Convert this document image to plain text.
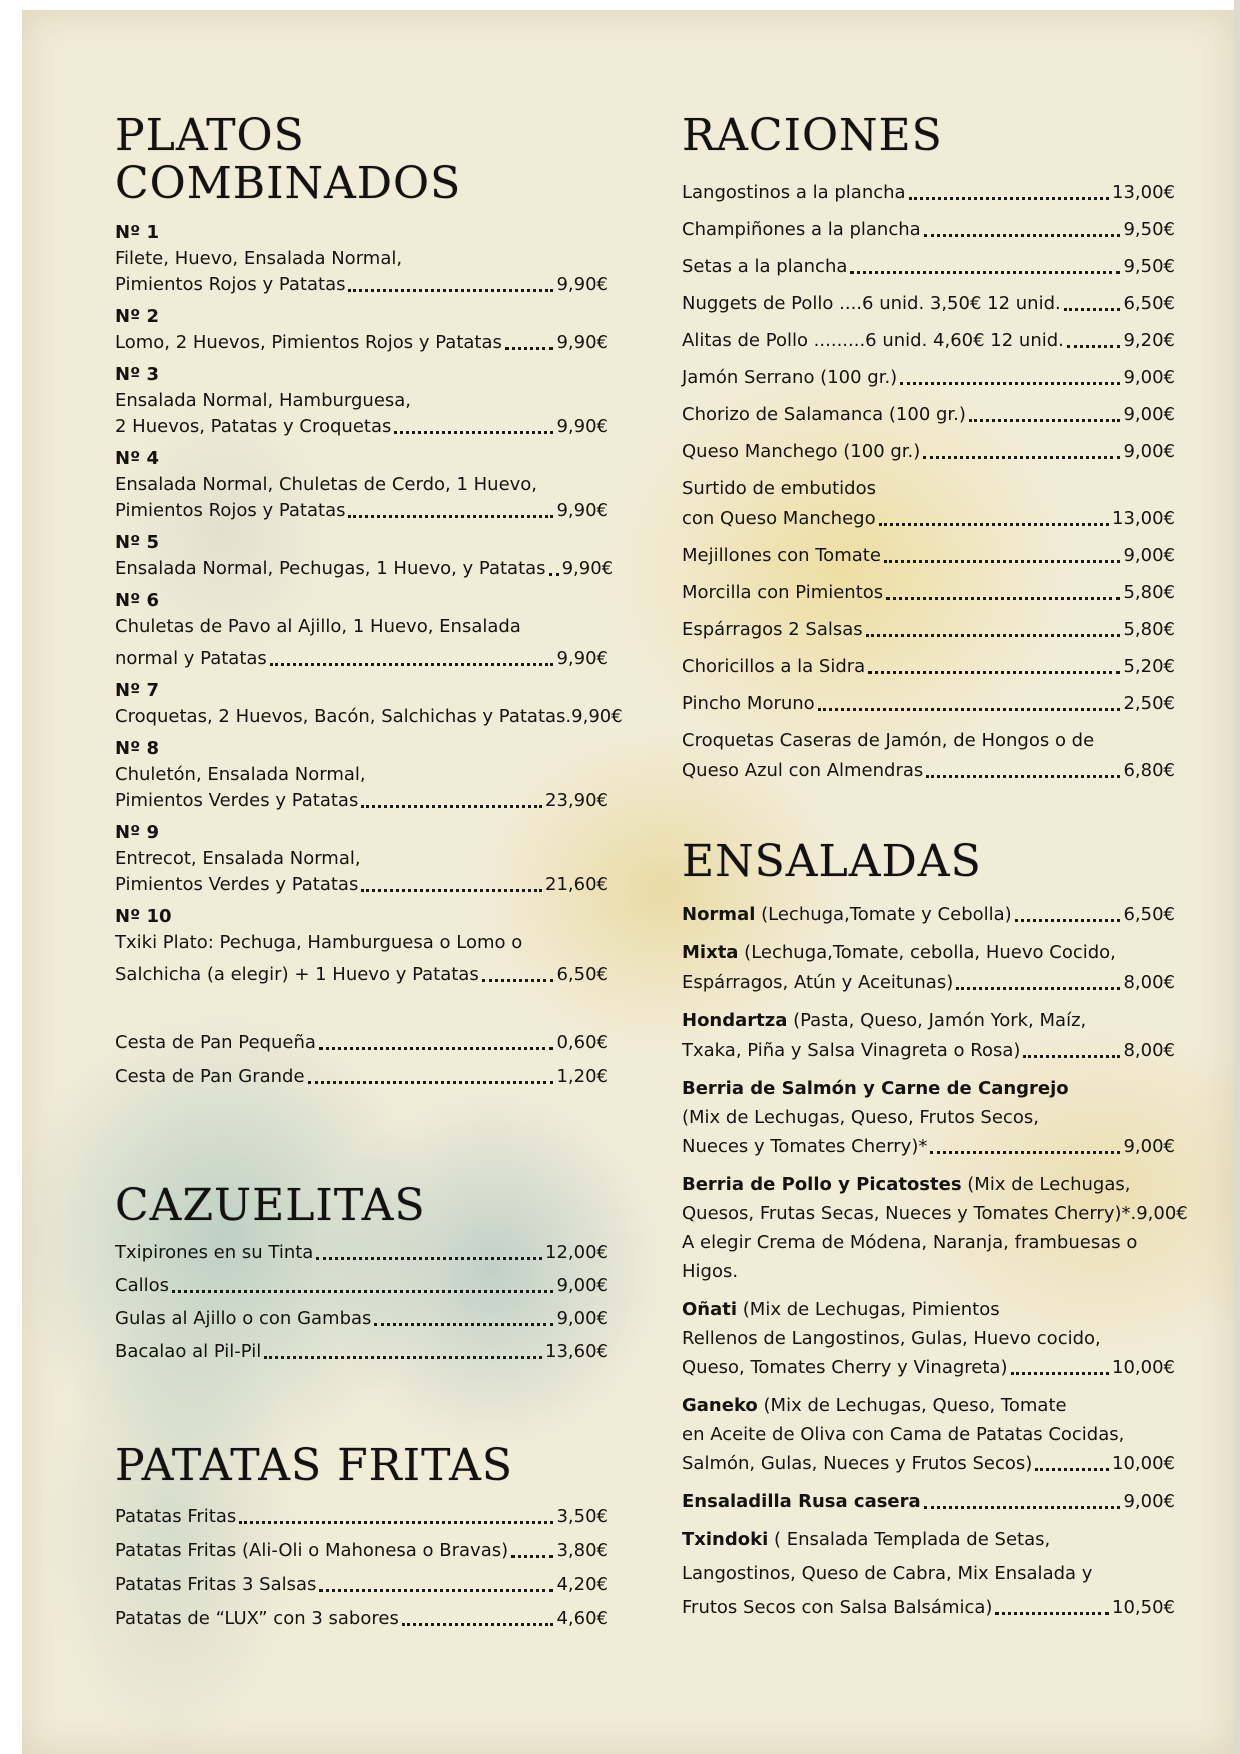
PLATOS
COMBINADOS
Nº 1
Filete, Huevo, Ensalada Normal,
Pimientos Rojos y Patatas	9,90€
Nº 2
Lomo, 2 Huevos, Pimientos Rojos y Patatas	9,90€
Nº 3
Ensalada Normal, Hamburguesa,
2 Huevos, Patatas y Croquetas	9,90€
Nº 4
Ensalada Normal, Chuletas de Cerdo, 1 Huevo,
Pimientos Rojos y Patatas	9,90€
Nº 5
Ensalada Normal, Pechugas, 1 Huevo, y Patatas 9,90€
Nº 6
Chuletas de Pavo al Ajillo, 1 Huevo, Ensalada
normal y Patatas	9,90€
Nº 7
Croquetas, 2 Huevos, Bacón, Salchichas y Patatas. 9,90€
Nº 8
Chuletón, Ensalada Normal,
Pimientos Verdes y Patatas	23,90€
Nº 9
Entrecot, Ensalada Normal,
Pimientos Verdes y Patatas	21,60€
Nº 10
Txiki Plato: Pechuga, Hamburguesa o Lomo o
Salchicha (a elegir) + 1 Huevo y Patatas	6,50€
Cesta de Pan Pequeña	0,60€
Cesta de Pan Grande	1,20€
CAZUELITAS
Txipirones en su Tinta	12,00€
Callos	9,00€
Gulas al Ajillo o con Gambas	9,00€
Bacalao al Pil-Pil	13,60€
PATATAS FRITAS
Patatas Fritas	3,50€
Patatas Fritas (Ali-Oli o Mahonesa o Bravas)	3,80€
Patatas Fritas 3 Salsas	4,20€
Patatas de “LUX” con 3 sabores	4,60€
RACIONES
Langostinos a la plancha	13,00€
Champiñones a la plancha	9,50€
Setas a la plancha	9,50€
Nuggets de Pollo ....6 unid. 3,50€ 12 unid.	6,50€
Alitas de Pollo .........6 unid. 4,60€ 12 unid.	9,20€
Jamón Serrano (100 gr.)	9,00€
Chorizo de Salamanca (100 gr.)	9,00€
Queso Manchego (100 gr.)	9,00€
Surtido de embutidos
con Queso Manchego	13,00€
Mejillones con Tomate	9,00€
Morcilla con Pimientos	5,80€
Espárragos 2 Salsas	5,80€
Choricillos a la Sidra	5,20€
Pincho Moruno	2,50€
Croquetas Caseras de Jamón, de Hongos o de
Queso Azul con Almendras	6,80€
ENSALADAS
Normal (Lechuga,Tomate y Cebolla)	6,50€
Mixta (Lechuga,Tomate, cebolla, Huevo Cocido,
Espárragos, Atún y Aceitunas)	8,00€
Hondartza (Pasta, Queso, Jamón York, Maíz,
Txaka, Piña y Salsa Vinagreta o Rosa)	8,00€
Berria de Salmón y Carne de Cangrejo
(Mix de Lechugas, Queso, Frutos Secos,
Nueces y Tomates Cherry)*	9,00€
Berria de Pollo y Picatostes (Mix de Lechugas,
Quesos, Frutas Secas, Nueces y Tomates Cherry)*. 9,00€
A elegir Crema de Módena, Naranja, frambuesas o
Higos.
Oñati (Mix de Lechugas, Pimientos
Rellenos de Langostinos, Gulas, Huevo cocido,
Queso, Tomates Cherry y Vinagreta)	10,00€
Ganeko (Mix de Lechugas, Queso, Tomate
en Aceite de Oliva con Cama de Patatas Cocidas,
Salmón, Gulas, Nueces y Frutos Secos)	10,00€
Ensaladilla Rusa casera	9,00€
Txindoki ( Ensalada Templada de Setas,
Langostinos, Queso de Cabra, Mix Ensalada y
Frutos Secos con Salsa Balsámica)	10,50€
